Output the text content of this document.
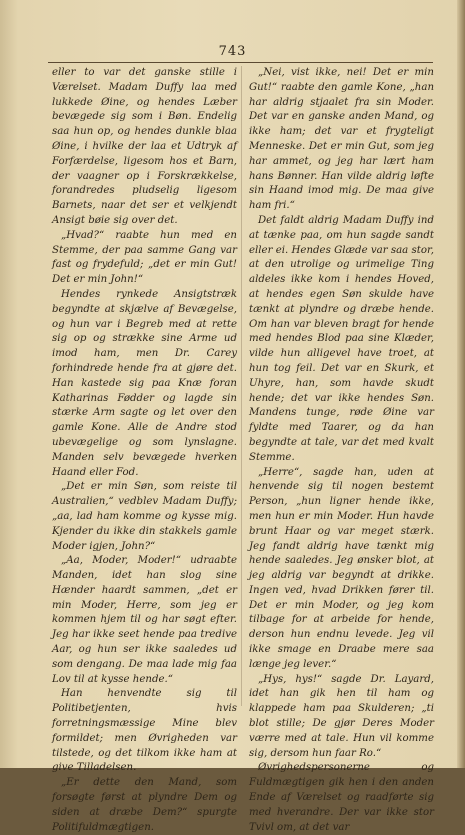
743

eller to var det ganske stille i Værelset. Madam Duffy laa med lukkede Øine, og hendes Læber bevægede sig som i Bøn. Endelig saa hun op, og hendes dunkle blaa Øine, i hvilke der laa et Udtryk af Forfærdelse, ligesom hos et Barn, der vaagner op i Forskrækkelse, forandredes pludselig ligesom Barnets, naar det ser et velkjendt Ansigt bøie sig over det.

„Hvad?“ raabte hun med en Stemme, der paa samme Gang var fast og frydefuld; „det er min Gut! Det er min John!“

Hendes rynkede Ansigtstræk begyndte at skjælve af Bevægelse, og hun var i Begreb med at rette sig op og strække sine Arme ud imod ham, men Dr. Carey forhindrede hende fra at gjøre det. Han kastede sig paa Knæ foran Katharinas Fødder og lagde sin stærke Arm sagte og let over den gamle Kone. Alle de Andre stod ubevægelige og som lynslagne. Manden selv bevægede hverken Haand eller Fod.

„Det er min Søn, som reiste til Australien,“ vedblev Madam Duffy; „aa, lad ham komme og kysse mig. Kjender du ikke din stakkels gamle Moder igjen, John?“

„Aa, Moder, Moder!“ udraabte Manden, idet han slog sine Hænder haardt sammen, „det er min Moder, Herre, som jeg er kommen hjem til og har søgt efter. Jeg har ikke seet hende paa tredive Aar, og hun ser ikke saaledes ud som dengang. De maa lade mig faa Lov til at kysse hende.“

Han henvendte sig til Politibetjenten, hvis forretningsmæssige Mine blev formildet; men Øvrigheden var tilstede, og det tilkom ikke ham at give Tilladelsen.

„Er dette den Mand, som forsøgte først at plyndre Dem og siden at dræbe Dem?“ spurgte Politifuldmægtigen.

„Nei, vist ikke, nei! Det er min Gut!“ raabte den gamle Kone, „han har aldrig stjaalet fra sin Moder. Det var en ganske anden Mand, og ikke ham; det var et frygteligt Menneske. Det er min Gut, som jeg har ammet, og jeg har lært ham hans Bønner. Han vilde aldrig løfte sin Haand imod mig. De maa give ham fri.“

Det faldt aldrig Madam Duffy ind at tænke paa, om hun sagde sandt eller ei. Hendes Glæde var saa stor, at den utrolige og urimelige Ting aldeles ikke kom i hendes Hoved, at hendes egen Søn skulde have tænkt at plyndre og dræbe hende. Om han var bleven bragt for hende med hendes Blod paa sine Klæder, vilde hun alligevel have troet, at hun tog feil. Det var en Skurk, et Uhyre, han, som havde skudt hende; det var ikke hendes Søn. Mandens tunge, røde Øine var fyldte med Taarer, og da han begyndte at tale, var det med kvalt Stemme.

„Herre“, sagde han, uden at henvende sig til nogen bestemt Person, „hun ligner hende ikke, men hun er min Moder. Hun havde brunt Haar og var meget stærk. Jeg fandt aldrig have tænkt mig hende saaledes. Jeg ønsker blot, at jeg aldrig var begyndt at drikke. Ingen ved, hvad Drikken fører til. Det er min Moder, og jeg kom tilbage for at arbeide for hende, derson hun endnu levede. Jeg vil ikke smage en Draabe mere saa længe jeg lever.“

„Hys, hys!“ sagde Dr. Layard, idet han gik hen til ham og klappede ham paa Skulderen; „ti blot stille; De gjør Deres Moder værre med at tale. Hun vil komme sig, dersom hun faar Ro.“

Øvrighedspersonerne og Fuldmægtigen gik hen i den anden Ende af Værelset og raadførte sig med hverandre. Der var ikke stor Tvivl om, at det var
